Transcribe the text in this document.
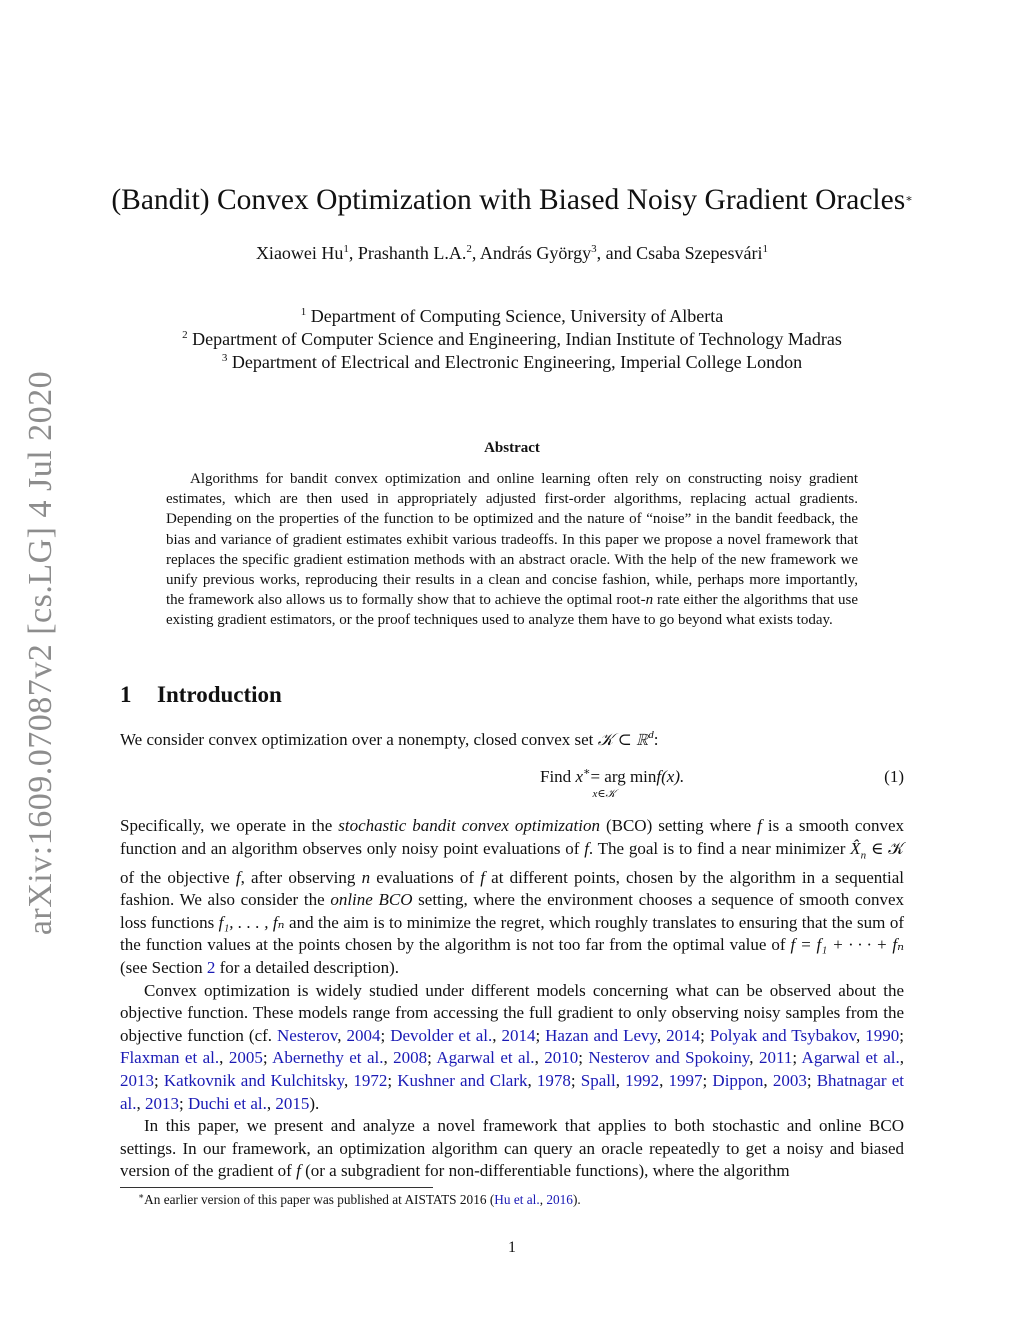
arXiv:1609.07087v2 [cs.LG] 4 Jul 2020
(Bandit) Convex Optimization with Biased Noisy Gradient Oracles∗
Xiaowei Hu$^1$, Prashanth L.A.$^2$, András György$^3$, and Csaba Szepesvári$^1$
$^1$ Department of Computing Science, University of Alberta
$^2$ Department of Computer Science and Engineering, Indian Institute of Technology Madras
$^3$ Department of Electrical and Electronic Engineering, Imperial College London
Abstract
Algorithms for bandit convex optimization and online learning often rely on constructing noisy gradient estimates, which are then used in appropriately adjusted first-order algorithms, replacing actual gradients. Depending on the properties of the function to be optimized and the nature of “noise” in the bandit feedback, the bias and variance of gradient estimates exhibit various tradeoffs. In this paper we propose a novel framework that replaces the specific gradient estimation methods with an abstract oracle. With the help of the new framework we unify previous works, reproducing their results in a clean and concise fashion, while, perhaps more importantly, the framework also allows us to formally show that to achieve the optimal root-n rate either the algorithms that use existing gradient estimators, or the proof techniques used to analyze them have to go beyond what exists today.
1 Introduction
We consider convex optimization over a nonempty, closed convex set 𝒦 ⊂ ℝ$^d$:
Find x∗= arg min
x∈𝒦
f(x).	(1)

Specifically, we operate in the stochastic bandit convex optimization (BCO) setting where f is a smooth convex function and an algorithm observes only noisy point evaluations of f. The goal is to find a near minimizer $X̂_n$ ∈ 𝒦 of the objective f, after observing n evaluations of f at different points, chosen by the algorithm in a sequential fashion. We also consider the online BCO setting, where the environment chooses a sequence of smooth convex loss functions f₁, . . . , fₙ and the aim is to minimize the regret, which roughly translates to ensuring that the sum of the function values at the points chosen by the algorithm is not too far from the optimal value of f = f₁ + · · · + fₙ (see Section 2 for a detailed description).

Convex optimization is widely studied under different models concerning what can be observed about the objective function. These models range from accessing the full gradient to only observing noisy samples from the objective function (cf. Nesterov, 2004; Devolder et al., 2014; Hazan and Levy, 2014; Polyak and Tsybakov, 1990; Flaxman et al., 2005; Abernethy et al., 2008; Agarwal et al., 2010; Nesterov and Spokoiny, 2011; Agarwal et al., 2013; Katkovnik and Kulchitsky, 1972; Kushner and Clark, 1978; Spall, 1992, 1997; Dippon, 2003; Bhatnagar et al., 2013; Duchi et al., 2015).

In this paper, we present and analyze a novel framework that applies to both stochastic and online BCO settings. In our framework, an optimization algorithm can query an oracle repeatedly to get a noisy and biased version of the gradient of f (or a subgradient for non-differentiable functions), where the algorithm

∗An earlier version of this paper was published at AISTATS 2016 (Hu et al., 2016).
1
